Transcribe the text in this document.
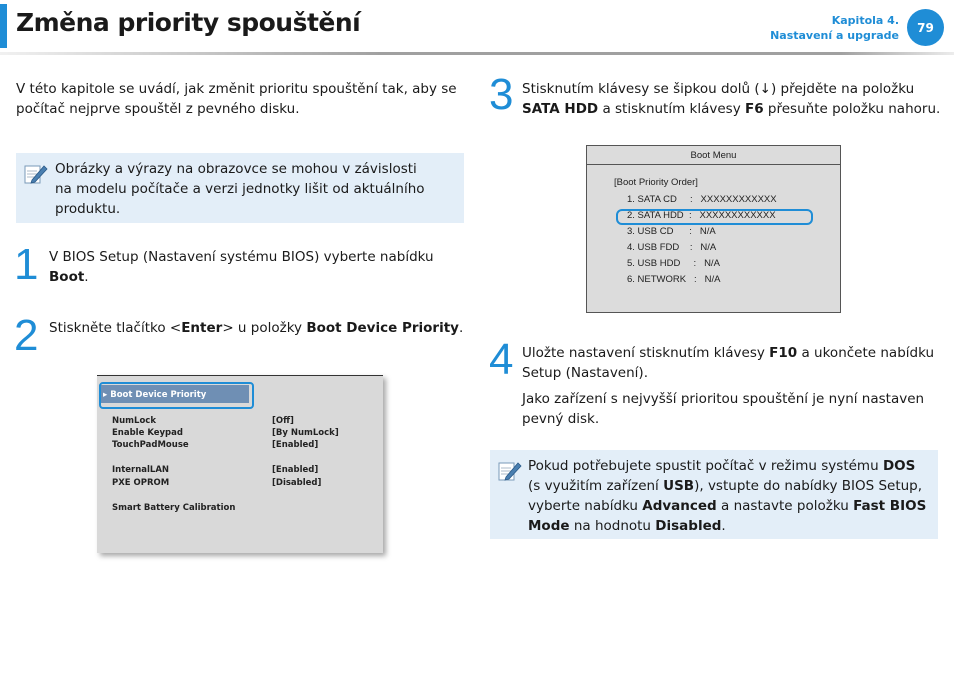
Změna priority spouštění	Kapitola 4.
Nastavení a upgrade
79
V této kapitole se uvádí, jak změnit prioritu spouštění tak, aby se
počítač nejprve spouštěl z pevného disku.
Obrázky a výrazy na obrazovce se mohou v závislosti
na modelu počítače a verzi jednotky lišit od aktuálního
produktu.
1 V BIOS Setup (Nastavení systému BIOS) vyberte nabídku
Boot.
2 Stiskněte tlačítko <Enter> u položky Boot Device Priority.
NumLock	[Off]
Enable Keypad	[By NumLock]
TouchPadMouse	[Enabled]
InternalLAN	[Enabled]
PXE OPROM	[Disabled]
Smart Battery Calibration
▸ Boot Device Priority
3 Stisknutím klávesy se šipkou dolů (↓) přejděte na položku
SATA HDD a stisknutím klávesy F6 přesuňte položku nahoru.
Boot Menu
[Boot Priority Order]
1. SATA CD     :   XXXXXXXXXXXX
2. SATA HDD  :   XXXXXXXXXXXX
3. USB CD      :   N/A
4. USB FDD    :   N/A
5. USB HDD     :   N/A
6. NETWORK   :   N/A
4 Uložte nastavení stisknutím klávesy F10 a ukončete nabídku
Setup (Nastavení).
Jako zařízení s nejvyšší prioritou spouštění je nyní nastaven
pevný disk.
Pokud potřebujete spustit počítač v režimu systému DOS
(s využitím zařízení USB), vstupte do nabídky BIOS Setup,
vyberte nabídku Advanced a nastavte položku Fast BIOS
Mode na hodnotu Disabled.
